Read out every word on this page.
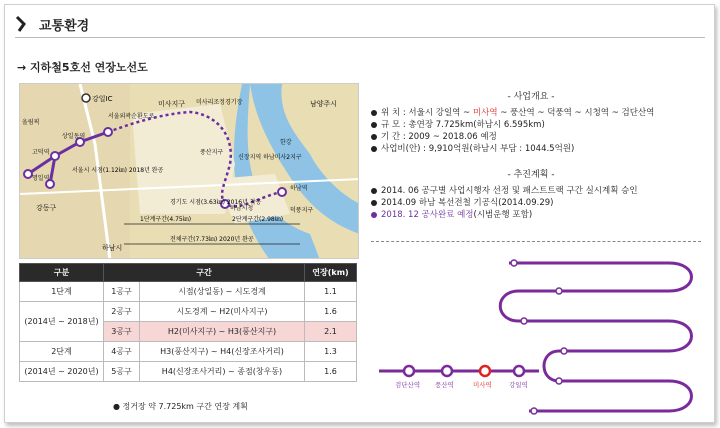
교통환경
→ 지하철5호선 연장노선도
강일IC
서울외곽순환도로
미사지구 미사리조정경기장	남양주시
올림픽
상일동역
고덕역
명일역
강동구
서울시 시점(1.12㎞) 2018년 완공
경기도 시점(3.63㎞) 2016년 착공
풍산지구
신장지역 하남미사2지구
하남시청
하남역
한강
덕풍지구
하남시
1단계구간(4.75㎞)	2단계구간(2.98㎞)
전체구간(7.73㎞) 2020년 완공
구분	구간		연장(km)
1단계	1공구	시점(상일동) ~ 시도경계	1.1
(2014년 ~ 2018년)	2공구	시도경계 ~ H2(미사지구)	1.6
	3공구	H2(미사지구) ~ H3(풍산지구)	2.1
2단계	4공구	H3(풍산지구) ~ H4(신장조사거리)	1.3
(2014년 ~ 2020년)	5공구	H4(신장조사거리) ~ 종점(창우동)	1.6
● 정거장 약 7.725km 구간 연장 계획
- 사업개요 -
위 치 : 서울시 강일역 ~ 미사역 ~ 풍산역 ~ 덕풍역 ~ 시청역 ~ 검단산역
규 모 : 총연장 7.725km(하남시 6.595km)
기 간 : 2009 ~ 2018.06 예정
사업비(안) : 9,910억원(하남시 부담 : 1044.5억원)
- 추진계획 -
2014. 06 공구별 사업시행자 선정 및 패스트트랙 구간 실시계획 승인
2014.09 하남 복선전철 기공식(2014.09.29)
2018. 12 공사완료 예정(시범운행 포함)
검단산역 풍산역	미사역	강일역
